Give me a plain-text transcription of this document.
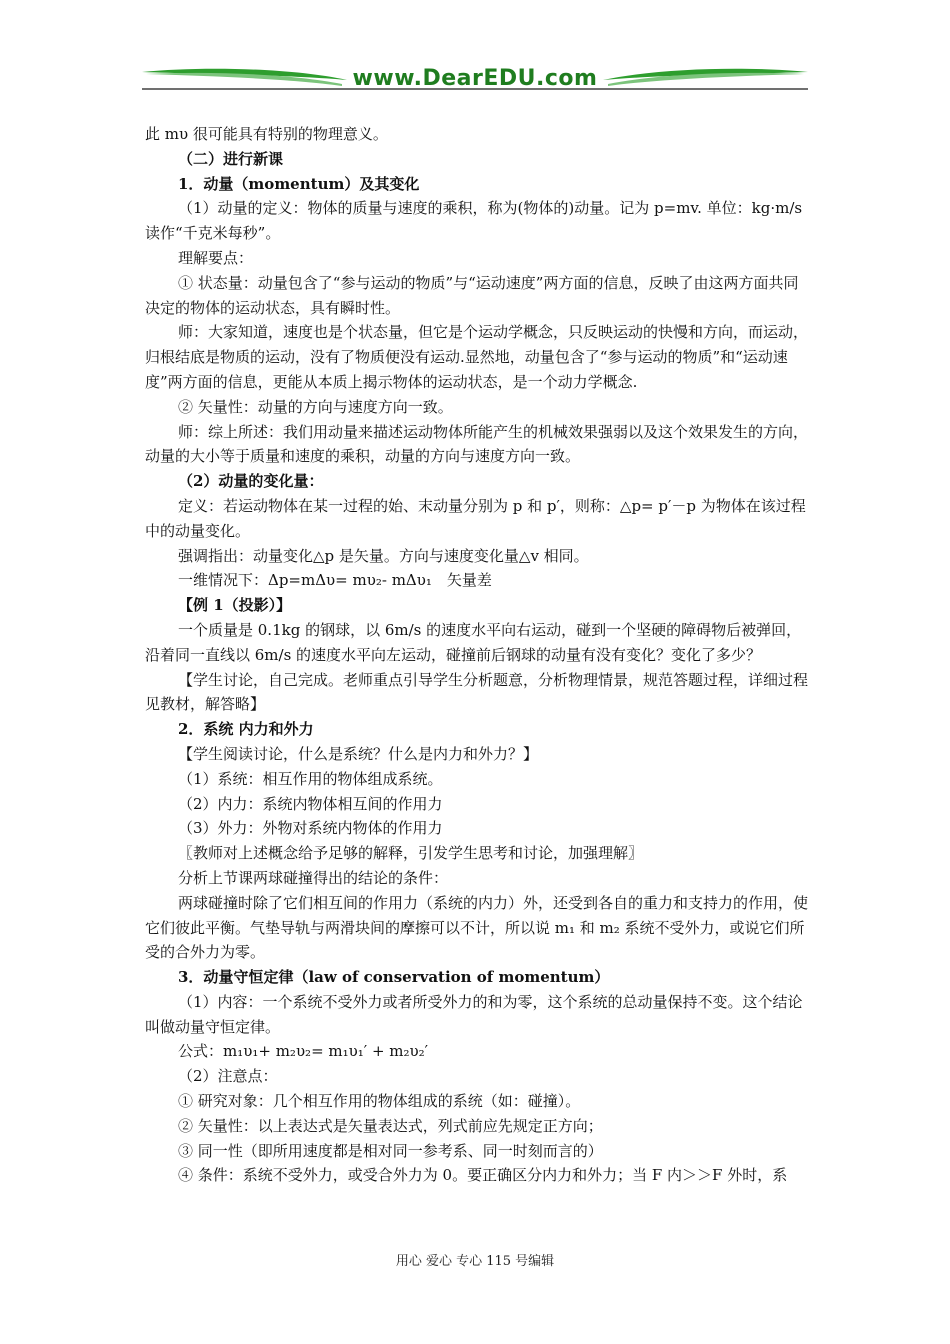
www.DearEDU.com

此 mυ 很可能具有特别的物理意义。

（二）进行新课

1．动量（momentum）及其变化

（1）动量的定义：物体的质量与速度的乘积，称为(物体的)动量。记为 p=mv. 单位：kg·m/s 读作“千克米每秒”。

理解要点：

① 状态量：动量包含了“参与运动的物质”与“运动速度”两方面的信息，反映了由这两方面共同决定的物体的运动状态，具有瞬时性。

师：大家知道，速度也是个状态量，但它是个运动学概念，只反映运动的快慢和方向，而运动，归根结底是物质的运动，没有了物质便没有运动.显然地，动量包含了“参与运动的物质”和“运动速度”两方面的信息，更能从本质上揭示物体的运动状态，是一个动力学概念.

② 矢量性：动量的方向与速度方向一致。

师：综上所述：我们用动量来描述运动物体所能产生的机械效果强弱以及这个效果发生的方向，动量的大小等于质量和速度的乘积，动量的方向与速度方向一致。

（2）动量的变化量：

定义：若运动物体在某一过程的始、末动量分别为 p 和 p′，则称：△p= p′－p 为物体在该过程中的动量变化。

强调指出：动量变化△p 是矢量。方向与速度变化量△v 相同。

一维情况下：Δp=mΔυ= mυ₂- mΔυ₁　矢量差

【例 1（投影）】

一个质量是 0.1kg 的钢球，以 6m/s 的速度水平向右运动，碰到一个坚硬的障碍物后被弹回，沿着同一直线以 6m/s 的速度水平向左运动，碰撞前后钢球的动量有没有变化？变化了多少？

【学生讨论，自己完成。老师重点引导学生分析题意，分析物理情景，规范答题过程，详细过程见教材，解答略】

2．系统 内力和外力

【学生阅读讨论，什么是系统？什么是内力和外力？】

（1）系统：相互作用的物体组成系统。

（2）内力：系统内物体相互间的作用力

（3）外力：外物对系统内物体的作用力

〖教师对上述概念给予足够的解释，引发学生思考和讨论，加强理解〗

分析上节课两球碰撞得出的结论的条件：

两球碰撞时除了它们相互间的作用力（系统的内力）外，还受到各自的重力和支持力的作用，使它们彼此平衡。气垫导轨与两滑块间的摩擦可以不计，所以说 m₁ 和 m₂ 系统不受外力，或说它们所受的合外力为零。

3．动量守恒定律（law of conservation of momentum）

（1）内容：一个系统不受外力或者所受外力的和为零，这个系统的总动量保持不变。这个结论叫做动量守恒定律。

公式：m₁υ₁+ m₂υ₂= m₁υ₁′ + m₂υ₂′

（2）注意点：

① 研究对象：几个相互作用的物体组成的系统（如：碰撞）。

② 矢量性：以上表达式是矢量表达式，列式前应先规定正方向；

③ 同一性（即所用速度都是相对同一参考系、同一时刻而言的）

④ 条件：系统不受外力，或受合外力为 0。要正确区分内力和外力；当 F 内＞＞F 外时，系

用心 爱心 专心 115 号编辑
